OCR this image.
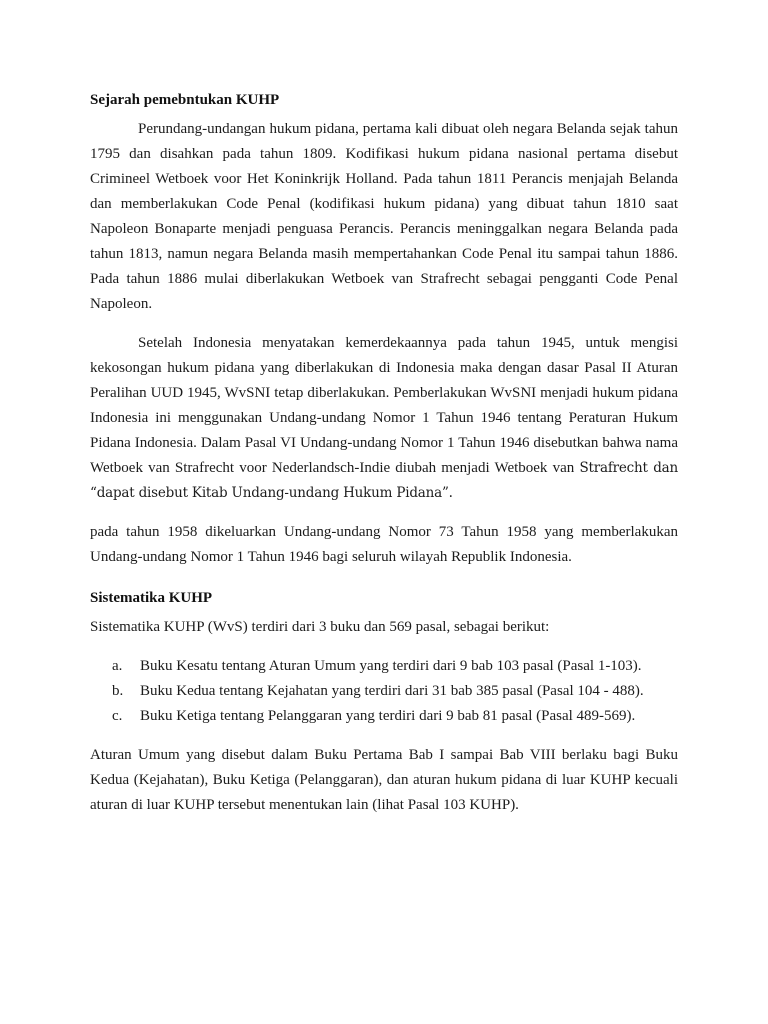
Sejarah pemebntukan KUHP

Perundang-undangan hukum pidana, pertama kali dibuat oleh negara Belanda sejak tahun 1795 dan disahkan pada tahun 1809. Kodifikasi hukum pidana nasional pertama disebut Crimineel Wetboek voor Het Koninkrijk Holland. Pada tahun 1811 Perancis menjajah Belanda dan memberlakukan Code Penal (kodifikasi hukum pidana) yang dibuat tahun 1810 saat Napoleon Bonaparte menjadi penguasa Perancis. Perancis meninggalkan negara Belanda pada tahun 1813, namun negara Belanda masih mempertahankan Code Penal itu sampai tahun 1886. Pada tahun 1886 mulai diberlakukan Wetboek van Strafrecht sebagai pengganti Code Penal Napoleon.

Setelah Indonesia menyatakan kemerdekaannya pada tahun 1945, untuk mengisi kekosongan hukum pidana yang diberlakukan di Indonesia maka dengan dasar Pasal II Aturan Peralihan UUD 1945, WvSNI tetap diberlakukan. Pemberlakukan WvSNI menjadi hukum pidana Indonesia ini menggunakan Undang-undang Nomor 1 Tahun 1946 tentang Peraturan Hukum Pidana Indonesia. Dalam Pasal VI Undang-undang Nomor 1 Tahun 1946 disebutkan bahwa nama Wetboek van Strafrecht voor Nederlandsch-Indie diubah menjadi Wetboek van Strafrecht dan “dapat disebut Kitab Undang-undang Hukum Pidana”.

pada tahun 1958 dikeluarkan Undang-undang Nomor 73 Tahun 1958 yang memberlakukan Undang-undang Nomor 1 Tahun 1946 bagi seluruh wilayah Republik Indonesia.

Sistematika KUHP

Sistematika KUHP (WvS) terdiri dari 3 buku dan 569 pasal, sebagai berikut:

a.	Buku Kesatu tentang Aturan Umum yang terdiri dari 9 bab 103 pasal (Pasal 1-103).
b.	Buku Kedua tentang Kejahatan yang terdiri dari 31 bab 385 pasal (Pasal 104 - 488).
c.	Buku Ketiga tentang Pelanggaran yang terdiri dari 9 bab 81 pasal (Pasal 489-569).

Aturan Umum yang disebut dalam Buku Pertama Bab I sampai Bab VIII berlaku bagi Buku Kedua (Kejahatan), Buku Ketiga (Pelanggaran), dan aturan hukum pidana di luar KUHP kecuali aturan di luar KUHP tersebut menentukan lain (lihat Pasal 103 KUHP).
